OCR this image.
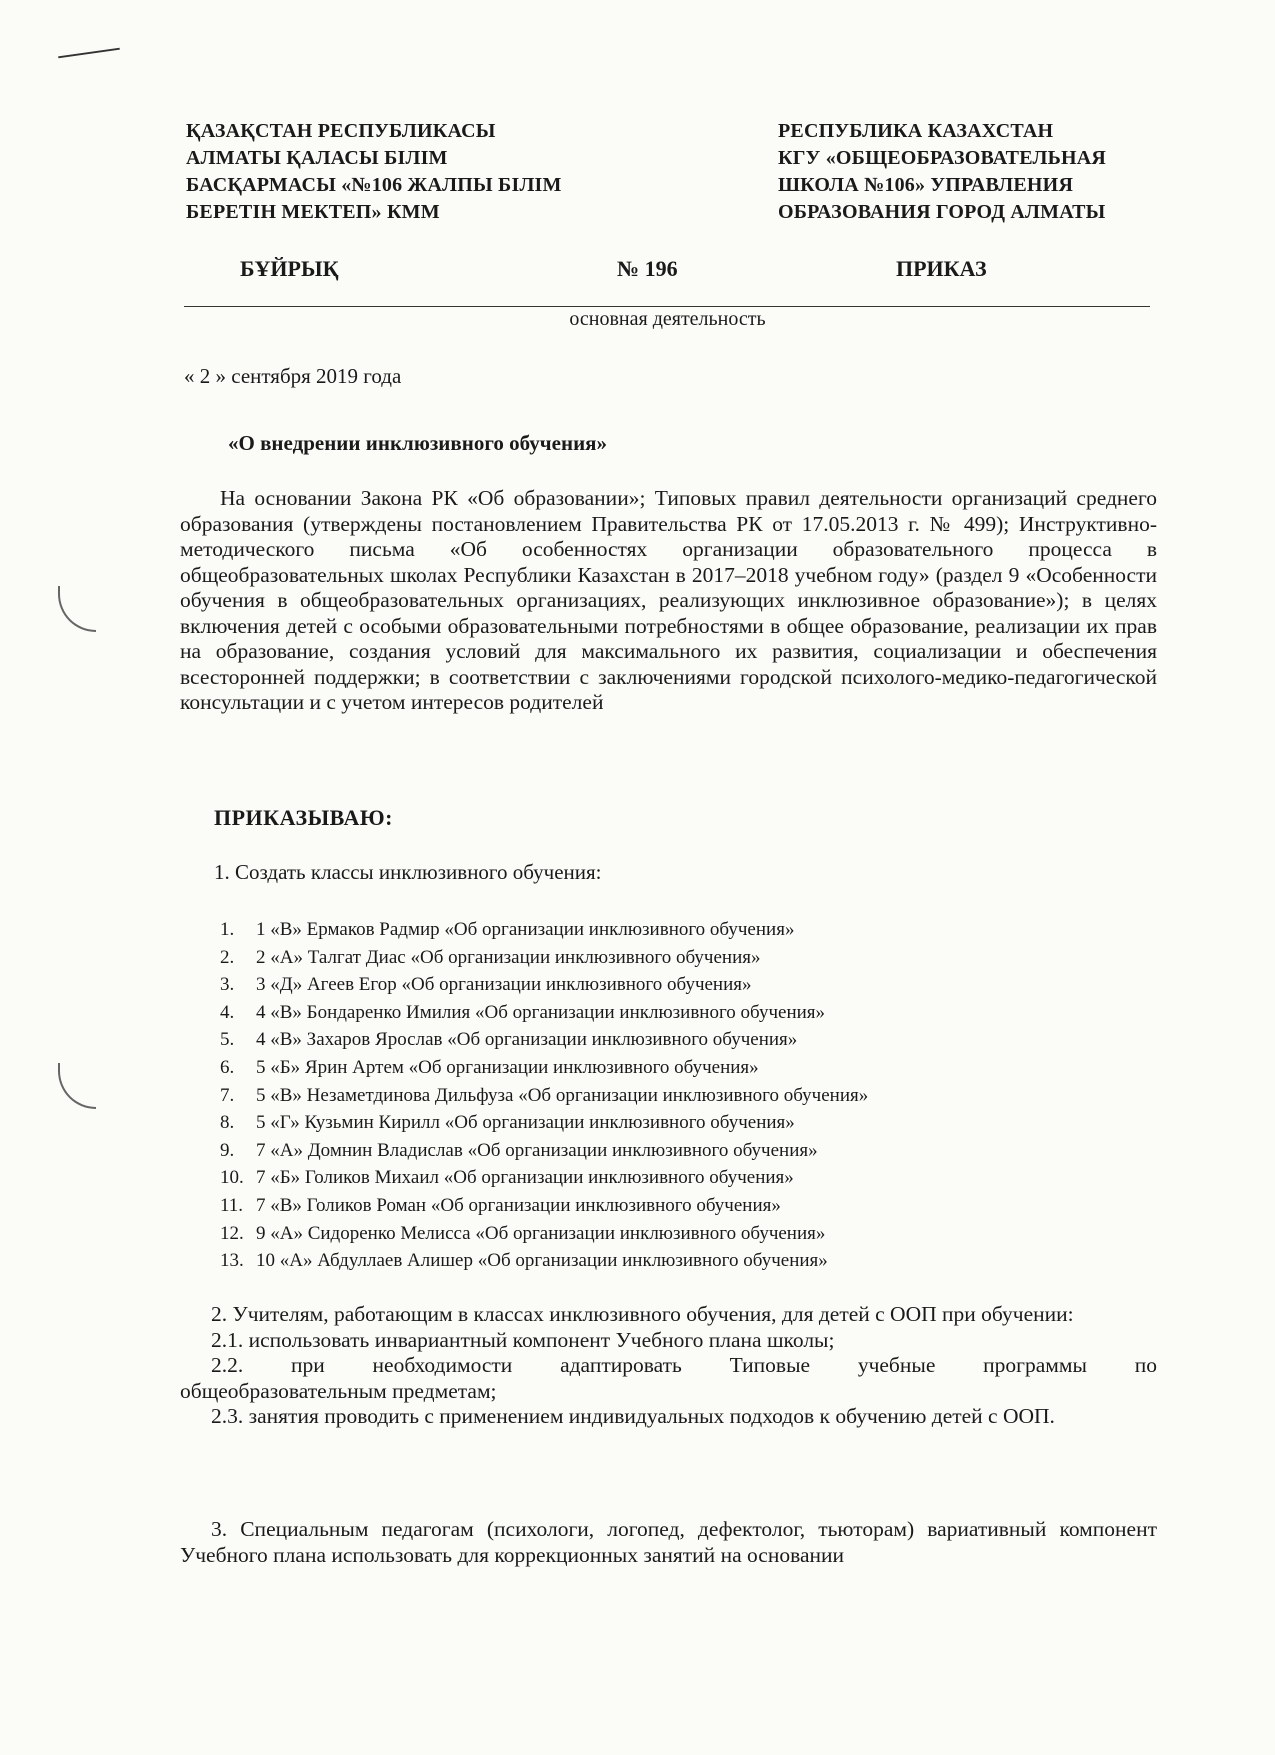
ҚАЗАҚСТАН РЕСПУБЛИКАСЫ
АЛМАТЫ ҚАЛАСЫ БІЛІМ
БАСҚАРМАСЫ «№106 ЖАЛПЫ БІЛІМ
БЕРЕТІН МЕКТЕП» КММ
РЕСПУБЛИКА КАЗАХСТАН
КГУ «ОБЩЕОБРАЗОВАТЕЛЬНАЯ
ШКОЛА №106» УПРАВЛЕНИЯ
ОБРАЗОВАНИЯ ГОРОД АЛМАТЫ
БҰЙРЫҚ	№ 196	ПРИКАЗ
основная деятельность
« 2 » сентября 2019 года
«О внедрении инклюзивного обучения»
На основании Закона РК «Об образовании»; Типовых правил деятельности организаций среднего образования (утверждены постановлением Правительства РК от 17.05.2013 г. № 499); Инструктивно-методического письма «Об особенностях организации образовательного процесса в общеобразовательных школах Республики Казахстан в 2017–2018 учебном году» (раздел 9 «Особенности обучения в общеобразовательных организациях, реализующих инклюзивное образование»); в целях включения детей с особыми образовательными потребностями в общее образование, реализации их прав на образование, создания условий для максимального их развития, социализации и обеспечения всесторонней поддержки; в соответствии с заключениями городской психолого-медико-педагогической консультации и с учетом интересов родителей
ПРИКАЗЫВАЮ:
1. Создать классы инклюзивного обучения:
1.	1 «В» Ермаков Радмир «Об организации инклюзивного обучения»
2.	2 «А» Талгат Диас «Об организации инклюзивного обучения»
3.	3 «Д» Агеев Егор «Об организации инклюзивного обучения»
4.	4 «В» Бондаренко Имилия «Об организации инклюзивного обучения»
5.	4 «В» Захаров Ярослав «Об организации инклюзивного обучения»
6.	5 «Б» Ярин Артем «Об организации инклюзивного обучения»
7.	5 «В» Незаметдинова Дильфуза «Об организации инклюзивного обучения»
8.	5 «Г» Кузьмин Кирилл «Об организации инклюзивного обучения»
9.	7 «А» Домнин Владислав «Об организации инклюзивного обучения»
10. 7 «Б» Голиков Михаил «Об организации инклюзивного обучения»
11. 7 «В» Голиков Роман «Об организации инклюзивного обучения»
12. 9 «А» Сидоренко Мелисса «Об организации инклюзивного обучения»
13. 10 «А» Абдуллаев Алишер «Об организации инклюзивного обучения»
2. Учителям, работающим в классах инклюзивного обучения, для детей с ООП при обучении:
2.1. использовать инвариантный компонент Учебного плана школы;
2.2. при необходимости адаптировать Типовые учебные программы по
общеобразовательным предметам;
2.3. занятия проводить с применением индивидуальных подходов к обучению детей с ООП.
3. Специальным педагогам (психологи, логопед, дефектолог, тьюторам) вариативный компонент Учебного плана использовать для коррекционных занятий на основании
